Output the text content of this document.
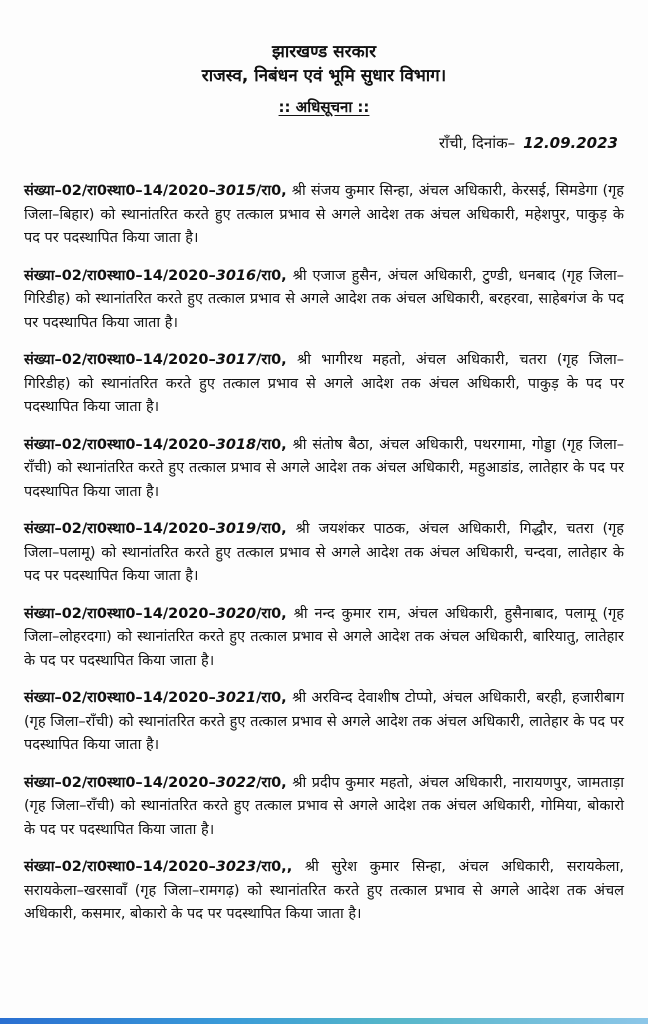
झारखण्ड सरकार
राजस्व, निबंधन एवं भूमि सुधार विभाग।
:: अधिसूचना ::
राँची, दिनांक– 12.09.2023

संख्या–02/रा0स्था0–14/2020–3015/रा0, श्री संजय कुमार सिन्हा, अंचल अधिकारी, केरसई, सिमडेगा (गृह जिला–बिहार) को स्थानांतरित करते हुए तत्काल प्रभाव से अगले आदेश तक अंचल अधिकारी, महेशपुर, पाकुड़ के पद पर पदस्थापित किया जाता है।

संख्या–02/रा0स्था0–14/2020–3016/रा0, श्री एजाज हुसैन, अंचल अधिकारी, टुण्डी, धनबाद (गृह जिला–गिरिडीह) को स्थानांतरित करते हुए तत्काल प्रभाव से अगले आदेश तक अंचल अधिकारी, बरहरवा, साहेबगंज के पद पर पदस्थापित किया जाता है।

संख्या–02/रा0स्था0–14/2020–3017/रा0, श्री भागीरथ महतो, अंचल अधिकारी, चतरा (गृह जिला–गिरिडीह) को स्थानांतरित करते हुए तत्काल प्रभाव से अगले आदेश तक अंचल अधिकारी, पाकुड़ के पद पर पदस्थापित किया जाता है।

संख्या–02/रा0स्था0–14/2020–3018/रा0, श्री संतोष बैठा, अंचल अधिकारी, पथरगामा, गोड्डा (गृह जिला–राँची) को स्थानांतरित करते हुए तत्काल प्रभाव से अगले आदेश तक अंचल अधिकारी, महुआडांड, लातेहार के पद पर पदस्थापित किया जाता है।

संख्या–02/रा0स्था0–14/2020–3019/रा0, श्री जयशंकर पाठक, अंचल अधिकारी, गिद्धौर, चतरा (गृह जिला–पलामू) को स्थानांतरित करते हुए तत्काल प्रभाव से अगले आदेश तक अंचल अधिकारी, चन्दवा, लातेहार के पद पर पदस्थापित किया जाता है।

संख्या–02/रा0स्था0–14/2020–3020/रा0, श्री नन्द कुमार राम, अंचल अधिकारी, हुसैनाबाद, पलामू (गृह जिला–लोहरदगा) को स्थानांतरित करते हुए तत्काल प्रभाव से अगले आदेश तक अंचल अधिकारी, बारियातु, लातेहार के पद पर पदस्थापित किया जाता है।

संख्या–02/रा0स्था0–14/2020–3021/रा0, श्री अरविन्द देवाशीष टोप्पो, अंचल अधिकारी, बरही, हजारीबाग (गृह जिला–राँची) को स्थानांतरित करते हुए तत्काल प्रभाव से अगले आदेश तक अंचल अधिकारी, लातेहार के पद पर पदस्थापित किया जाता है।

संख्या–02/रा0स्था0–14/2020–3022/रा0, श्री प्रदीप कुमार महतो, अंचल अधिकारी, नारायणपुर, जामताड़ा (गृह जिला–राँची) को स्थानांतरित करते हुए तत्काल प्रभाव से अगले आदेश तक अंचल अधिकारी, गोमिया, बोकारो के पद पर पदस्थापित किया जाता है।

संख्या–02/रा0स्था0–14/2020–3023/रा0,, श्री सुरेश कुमार सिन्हा, अंचल अधिकारी, सरायकेला, सरायकेला–खरसावाँ (गृह जिला–रामगढ़) को स्थानांतरित करते हुए तत्काल प्रभाव से अगले आदेश तक अंचल अधिकारी, कसमार, बोकारो के पद पर पदस्थापित किया जाता है।
